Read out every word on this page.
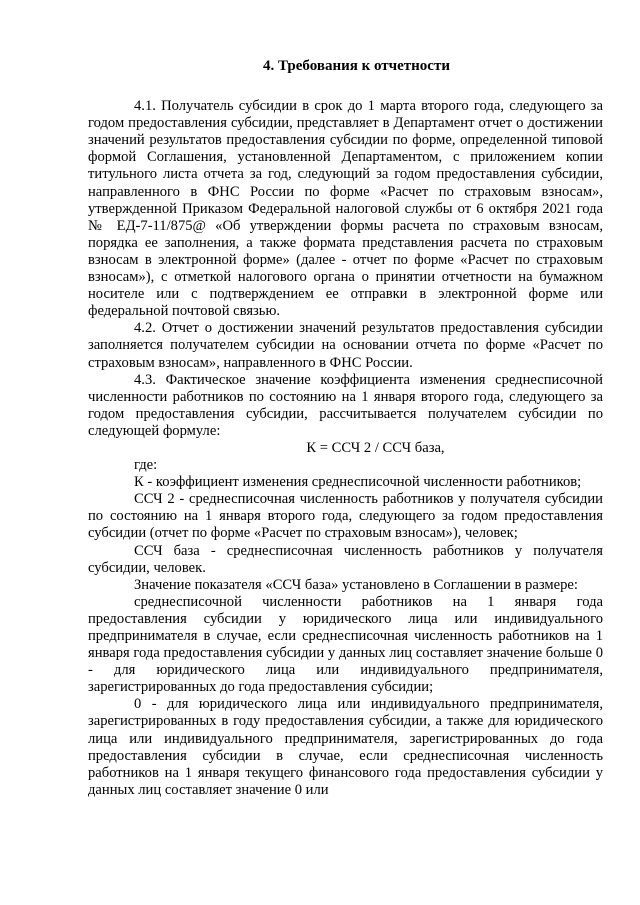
4. Требования к отчетности

4.1. Получатель субсидии в срок до 1 марта второго года, следующего за годом предоставления субсидии, представляет в Департамент отчет о достижении значений результатов предоставления субсидии по форме, определенной типовой формой Соглашения, установленной Департаментом, с приложением копии титульного листа отчета за год, следующий за годом предоставления субсидии, направленного в ФНС России по форме «Расчет по страховым взносам», утвержденной Приказом Федеральной налоговой службы от 6 октября 2021 года № ЕД-7-11/875@ «Об утверждении формы расчета по страховым взносам, порядка ее заполнения, а также формата представления расчета по страховым взносам в электронной форме» (далее - отчет по форме «Расчет по страховым взносам»), с отметкой налогового органа о принятии отчетности на бумажном носителе или с подтверждением ее отправки в электронной форме или федеральной почтовой связью.

4.2. Отчет о достижении значений результатов предоставления субсидии заполняется получателем субсидии на основании отчета по форме «Расчет по страховым взносам», направленного в ФНС России.

4.3. Фактическое значение коэффициента изменения среднесписочной численности работников по состоянию на 1 января второго года, следующего за годом предоставления субсидии, рассчитывается получателем субсидии по следующей формуле:

К = ССЧ 2 / ССЧ база,

где:

К - коэффициент изменения среднесписочной численности работников;

ССЧ 2 - среднесписочная численность работников у получателя субсидии по состоянию на 1 января второго года, следующего за годом предоставления субсидии (отчет по форме «Расчет по страховым взносам»), человек;

ССЧ база - среднесписочная численность работников у получателя субсидии, человек.

Значение показателя «ССЧ база» установлено в Соглашении в размере:

среднесписочной численности работников на 1 января года предоставления субсидии у юридического лица или индивидуального предпринимателя в случае, если среднесписочная численность работников на 1 января года предоставления субсидии у данных лиц составляет значение больше 0 - для юридического лица или индивидуального предпринимателя, зарегистрированных до года предоставления субсидии;

0 - для юридического лица или индивидуального предпринимателя, зарегистрированных в году предоставления субсидии, а также для юридического лица или индивидуального предпринимателя, зарегистрированных до года предоставления субсидии в случае, если среднесписочная численность работников на 1 января текущего финансового года предоставления субсидии у данных лиц составляет значение 0 или
